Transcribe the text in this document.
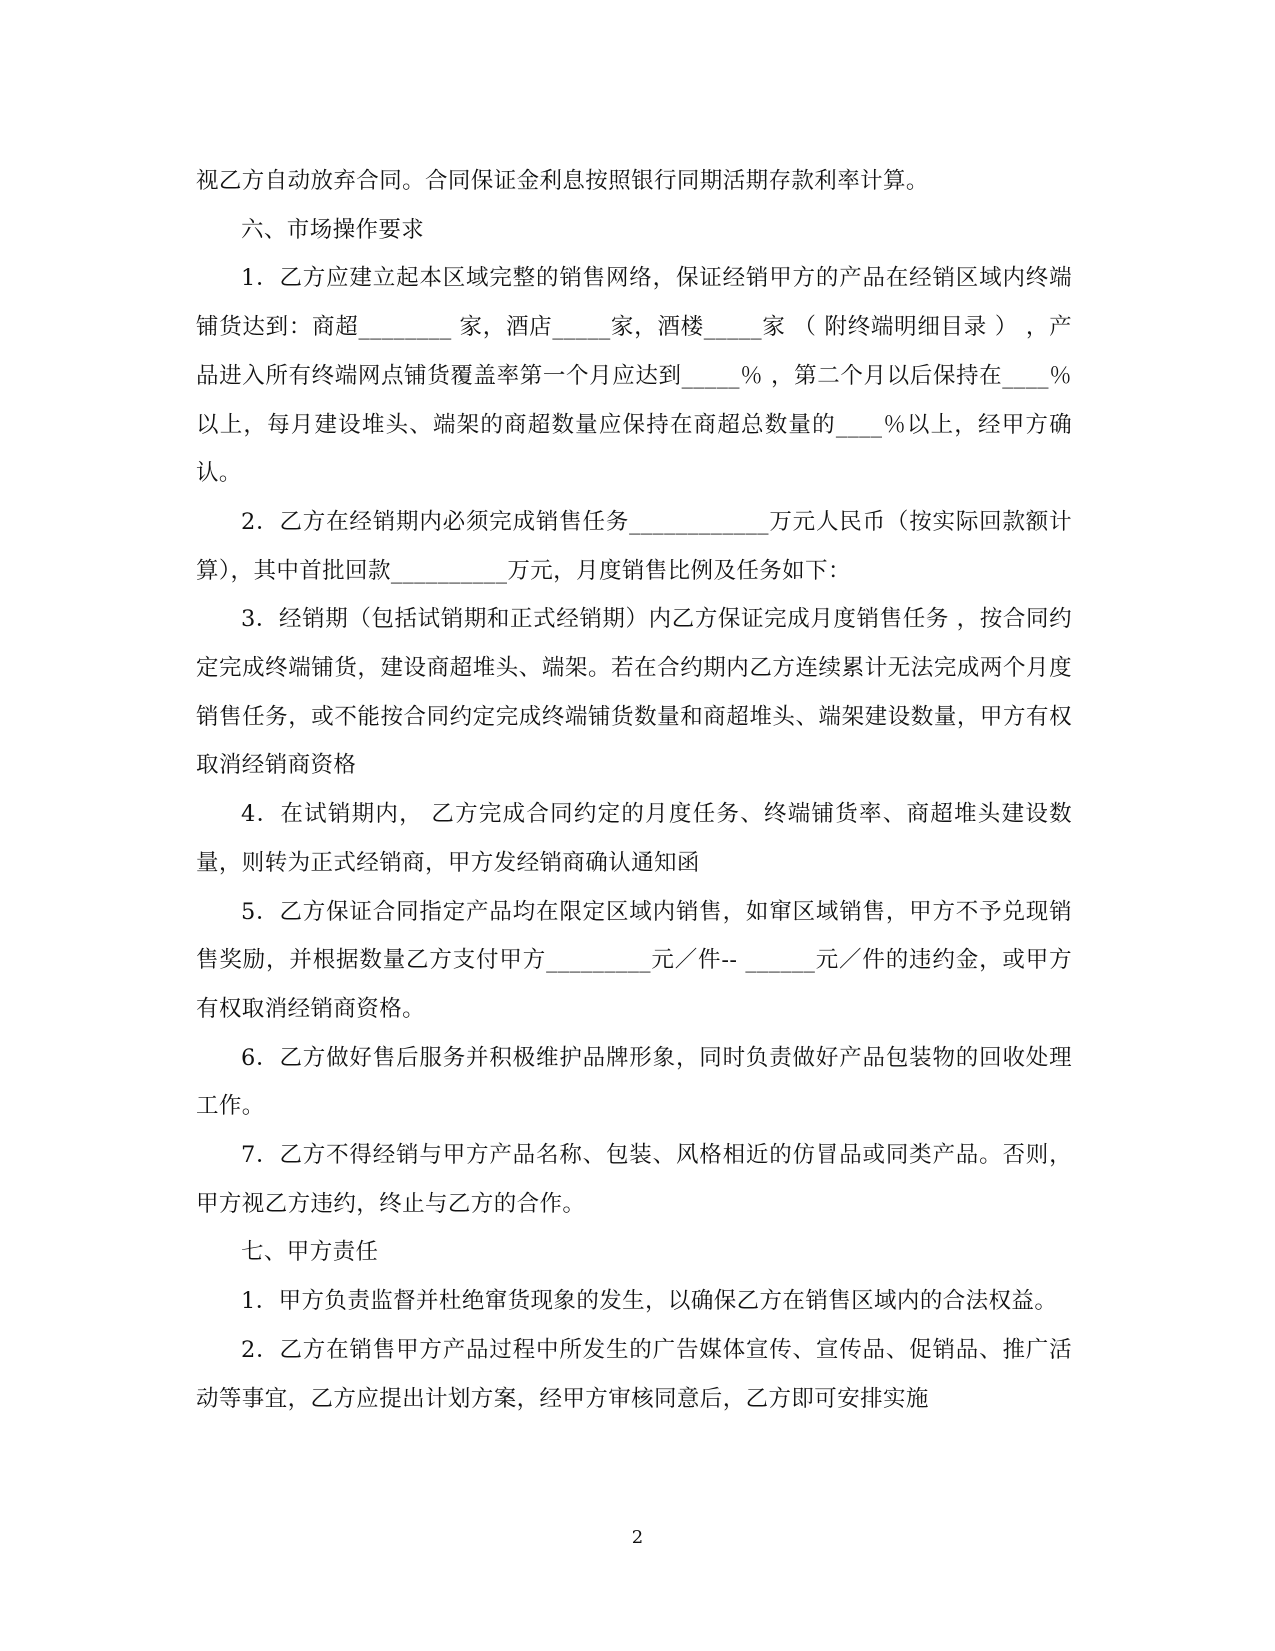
视乙方自动放弃合同。合同保证金利息按照银行同期活期存款利率计算。

六、市场操作要求

1．乙方应建立起本区域完整的销售网络，保证经销甲方的产品在经销区域内终端铺货达到：商超________ 家，酒店_____家，酒楼_____家 （ 附终端明细目录 ） ，产品进入所有终端网点铺货覆盖率第一个月应达到_____％ ，第二个月以后保持在____％以上，每月建设堆头、端架的商超数量应保持在商超总数量的____％以上，经甲方确认。

2．乙方在经销期内必须完成销售任务____________万元人民币（按实际回款额计算），其中首批回款__________万元，月度销售比例及任务如下：

3．经销期（包括试销期和正式经销期）内乙方保证完成月度销售任务 ，按合同约定完成终端铺货，建设商超堆头、端架。若在合约期内乙方连续累计无法完成两个月度销售任务，或不能按合同约定完成终端铺货数量和商超堆头、端架建设数量，甲方有权取消经销商资格

4．在试销期内， 乙方完成合同约定的月度任务、终端铺货率、商超堆头建设数量，则转为正式经销商，甲方发经销商确认通知函

5．乙方保证合同指定产品均在限定区域内销售，如窜区域销售，甲方不予兑现销售奖励，并根据数量乙方支付甲方_________元／件-- ______元／件的违约金，或甲方有权取消经销商资格。

6．乙方做好售后服务并积极维护品牌形象，同时负责做好产品包装物的回收处理工作。

7．乙方不得经销与甲方产品名称、包装、风格相近的仿冒品或同类产品。否则，甲方视乙方违约，终止与乙方的合作。

七、甲方责任

1．甲方负责监督并杜绝窜货现象的发生，以确保乙方在销售区域内的合法权益。

2．乙方在销售甲方产品过程中所发生的广告媒体宣传、宣传品、促销品、推广活动等事宜，乙方应提出计划方案，经甲方审核同意后，乙方即可安排实施

2
